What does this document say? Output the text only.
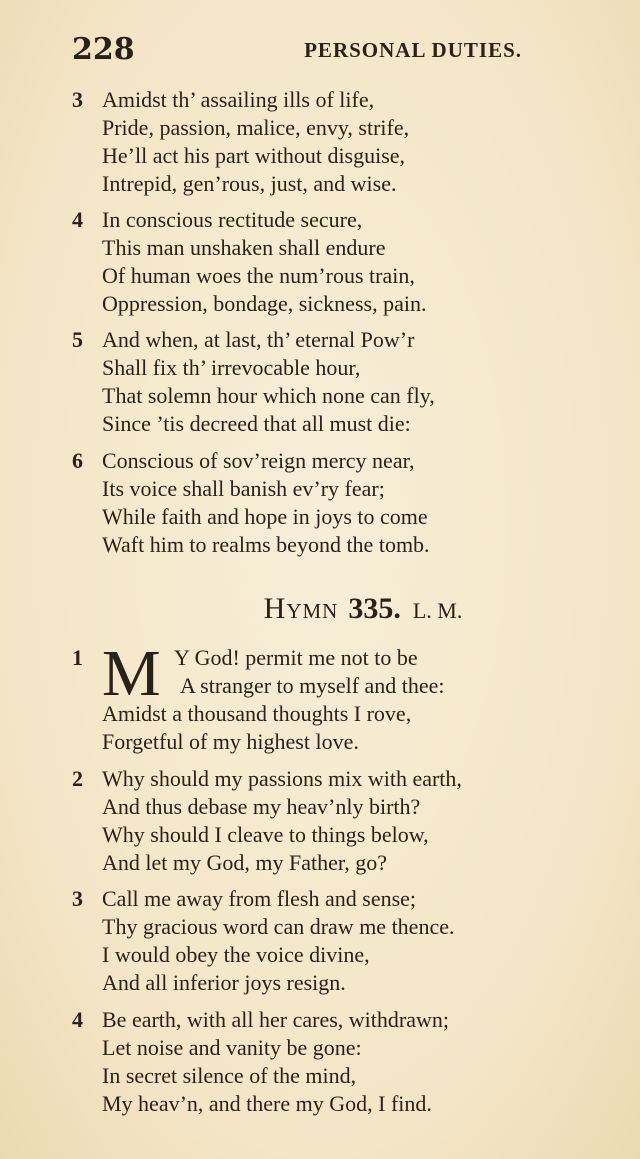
228	PERSONAL DUTIES.
3 Amidst th’ assailing ills of life,
Pride, passion, malice, envy, strife,
He’ll act his part without disguise,
Intrepid, gen’rous, just, and wise.
4 In conscious rectitude secure,
This man unshaken shall endure
Of human woes the num’rous train,
Oppression, bondage, sickness, pain.
5 And when, at last, th’ eternal Pow’r
Shall fix th’ irrevocable hour,
That solemn hour which none can fly,
Since ’tis decreed that all must die:
6 Conscious of sov’reign mercy near,
Its voice shall banish ev’ry fear;
While faith and hope in joys to come
Waft him to realms beyond the tomb.
Hymn 335. L. M.
M
1	Y God! permit me not to be
A stranger to myself and thee:
Amidst a thousand thoughts I rove,
Forgetful of my highest love.
2 Why should my passions mix with earth,
And thus debase my heav’nly birth?
Why should I cleave to things below,
And let my God, my Father, go?
3 Call me away from flesh and sense;
Thy gracious word can draw me thence.
I would obey the voice divine,
And all inferior joys resign.
4 Be earth, with all her cares, withdrawn;
Let noise and vanity be gone:
In secret silence of the mind,
My heav’n, and there my God, I find.
